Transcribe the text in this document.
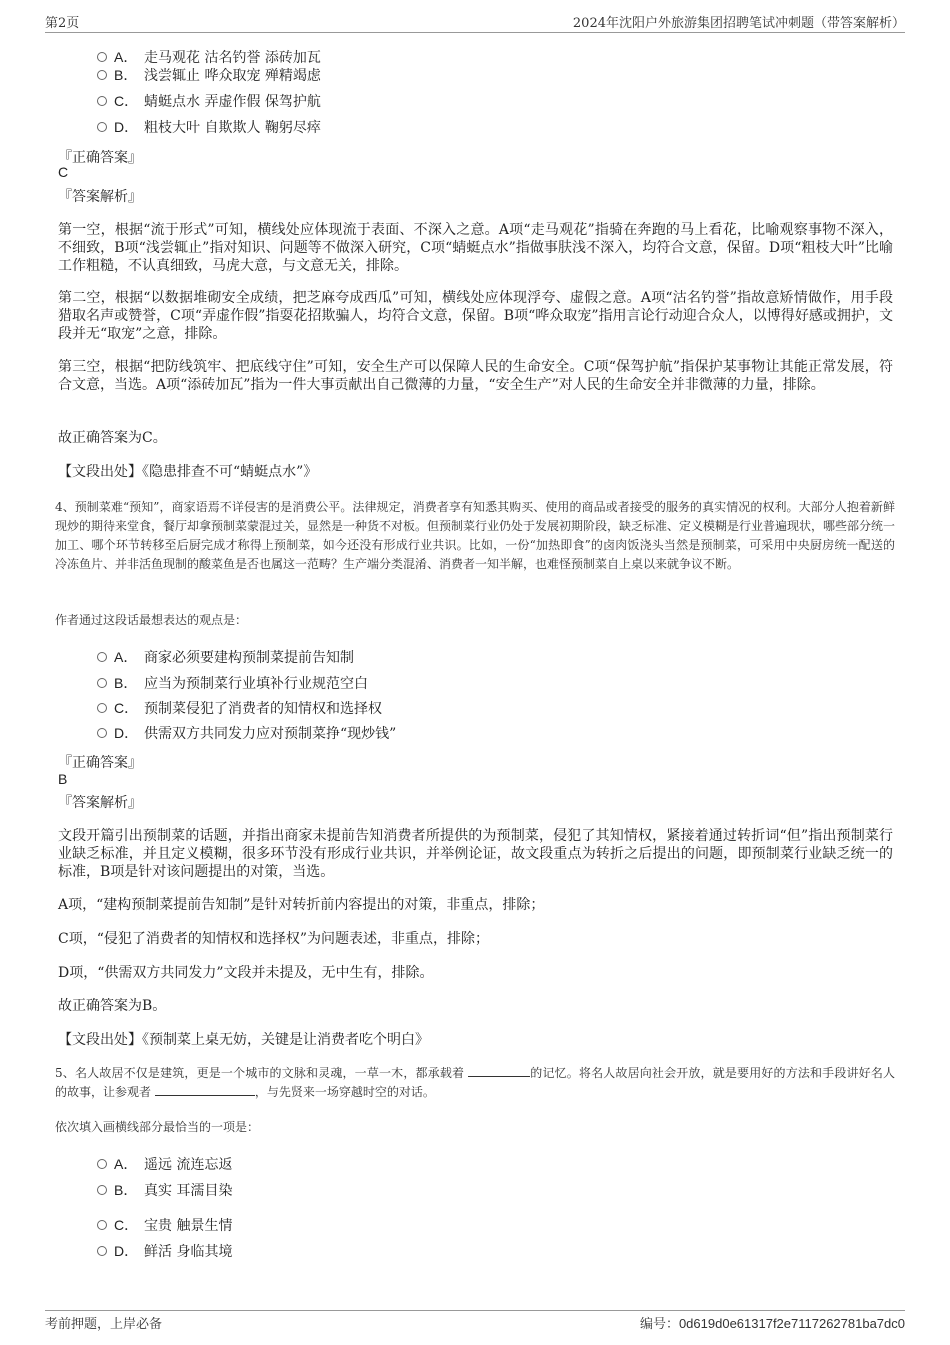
第2页	2024年沈阳户外旅游集团招聘笔试冲刺题（带答案解析）
A． 走马观花 沽名钓誉 添砖加瓦
B． 浅尝辄止 哗众取宠 殚精竭虑
C． 蜻蜓点水 弄虚作假 保驾护航
D． 粗枝大叶 自欺欺人 鞠躬尽瘁
『正确答案』
C
『答案解析』
第一空，根据“流于形式”可知，横线处应体现流于表面、不深入之意。A项“走马观花”指骑在奔跑的马上看花，比喻观察事物不深入，不细致，B项“浅尝辄止”指对知识、问题等不做深入研究，C项“蜻蜓点水”指做事肤浅不深入，均符合文意，保留。D项“粗枝大叶”比喻工作粗糙，不认真细致，马虎大意，与文意无关，排除。
第二空，根据“以数据堆砌安全成绩，把芝麻夸成西瓜”可知，横线处应体现浮夸、虚假之意。A项“沽名钓誉”指故意矫情做作，用手段猎取名声或赞誉，C项“弄虚作假”指耍花招欺骗人，均符合文意，保留。B项“哗众取宠”指用言论行动迎合众人，以博得好感或拥护，文段并无“取宠”之意，排除。
第三空，根据“把防线筑牢、把底线守住”可知，安全生产可以保障人民的生命安全。C项“保驾护航”指保护某事物让其能正常发展，符合文意，当选。A项“添砖加瓦”指为一件大事贡献出自己微薄的力量，“安全生产”对人民的生命安全并非微薄的力量，排除。
故正确答案为C。
【文段出处】《隐患排查不可“蜻蜓点水”》
4、预制菜难“预知”，商家语焉不详侵害的是消费公平。法律规定，消费者享有知悉其购买、使用的商品或者接受的服务的真实情况的权利。大部分人抱着新鲜现炒的期待来堂食，餐厅却拿预制菜蒙混过关，显然是一种货不对板。但预制菜行业仍处于发展初期阶段，缺乏标准、定义模糊是行业普遍现状，哪些部分统一加工、哪个环节转移至后厨完成才称得上预制菜，如今还没有形成行业共识。比如，一份“加热即食”的卤肉饭浇头当然是预制菜，可采用中央厨房统一配送的冷冻鱼片、并非活鱼现制的酸菜鱼是否也属这一范畴？生产端分类混淆、消费者一知半解，也难怪预制菜自上桌以来就争议不断。
作者通过这段话最想表达的观点是：
A． 商家必须要建构预制菜提前告知制
B． 应当为预制菜行业填补行业规范空白
C． 预制菜侵犯了消费者的知情权和选择权
D． 供需双方共同发力应对预制菜挣“现炒钱”
『正确答案』
B
『答案解析』
文段开篇引出预制菜的话题，并指出商家未提前告知消费者所提供的为预制菜，侵犯了其知情权，紧接着通过转折词“但”指出预制菜行业缺乏标准，并且定义模糊，很多环节没有形成行业共识，并举例论证，故文段重点为转折之后提出的问题，即预制菜行业缺乏统一的标准，B项是针对该问题提出的对策，当选。
A项，“建构预制菜提前告知制”是针对转折前内容提出的对策，非重点，排除；
C项，“侵犯了消费者的知情权和选择权”为问题表述，非重点，排除；
D项，“供需双方共同发力”文段并未提及，无中生有，排除。
故正确答案为B。
【文段出处】《预制菜上桌无妨，关键是让消费者吃个明白》
5、名人故居不仅是建筑，更是一个城市的文脉和灵魂，一草一木，都承载着	的记忆。将名人故居向社会开放，就是要用好的方法和手段讲好名人的故事，让参观者	，与先贤来一场穿越时空的对话。
依次填入画横线部分最恰当的一项是：
A． 遥远 流连忘返
B． 真实 耳濡目染
C． 宝贵 触景生情
D． 鲜活 身临其境
考前押题，上岸必备	编号：0d619d0e61317f2e7117262781ba7dc0
